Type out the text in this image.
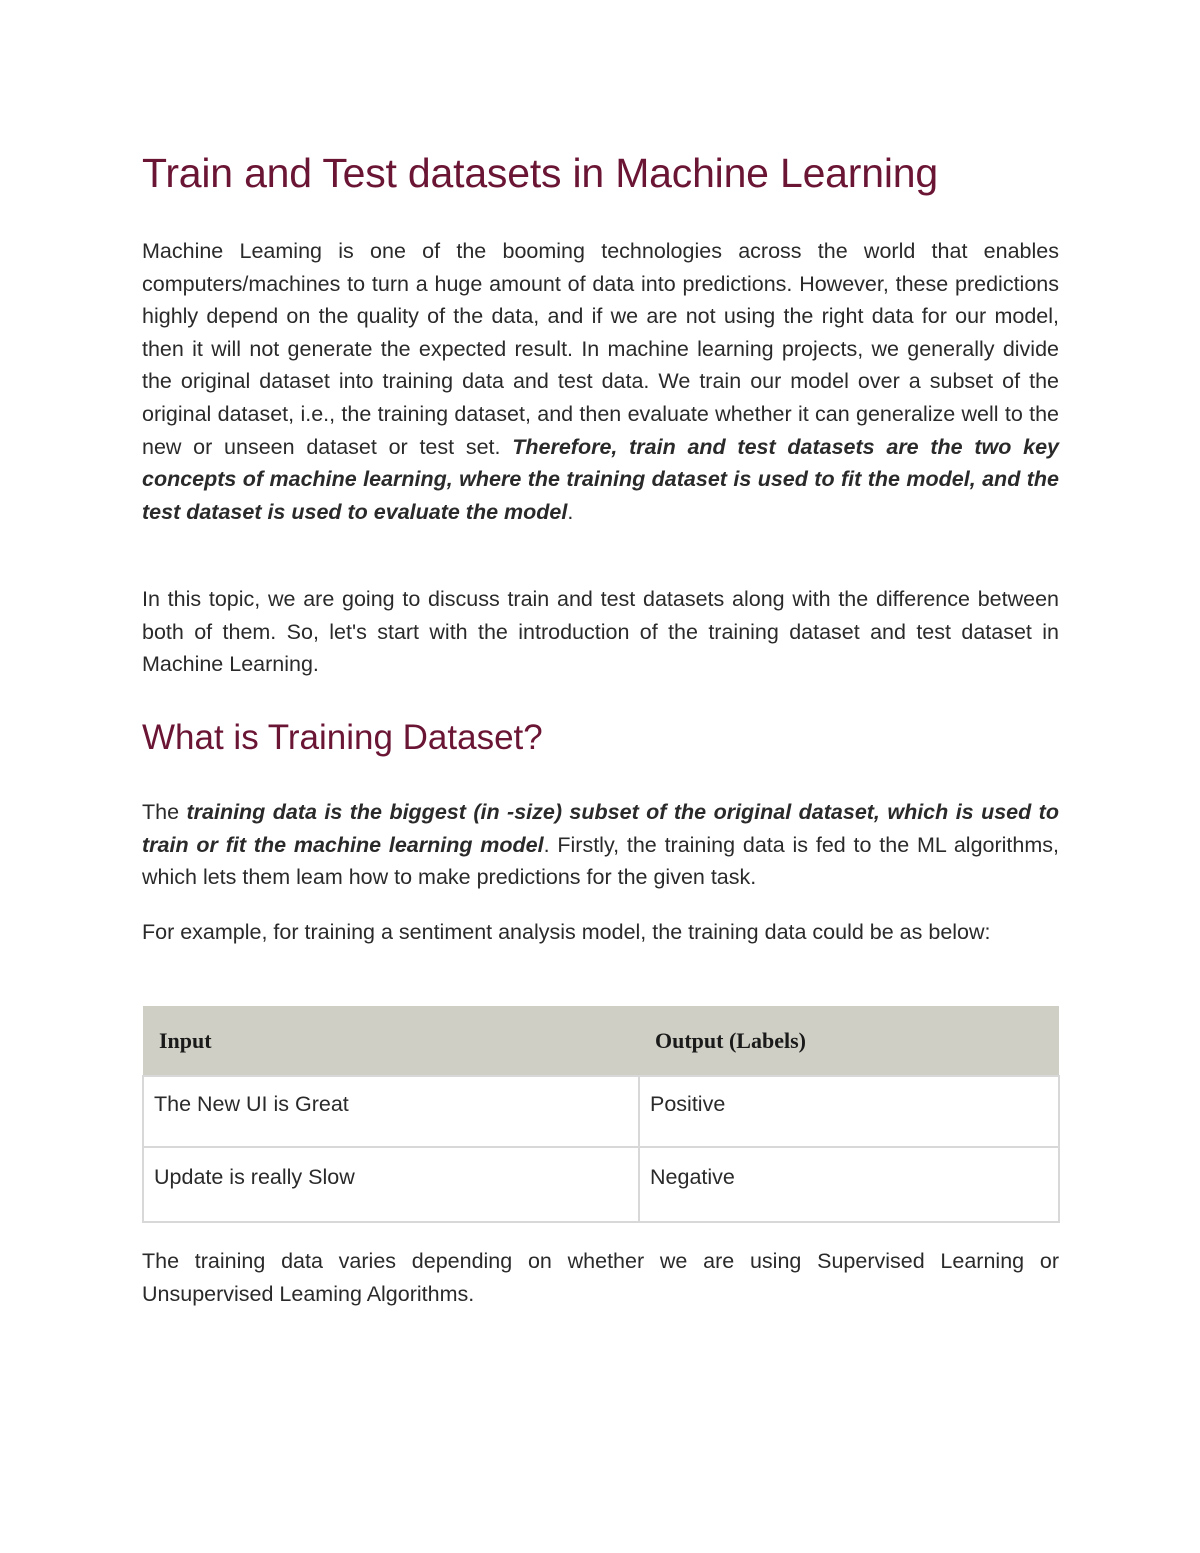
Train and Test datasets in Machine Learning

Machine Leaming is one of the booming technologies across the world that enables computers/machines to turn a huge amount of data into predictions. However, these predictions highly depend on the quality of the data, and if we are not using the right data for our model, then it will not generate the expected result. In machine learning projects, we generally divide the original dataset into training data and test data. We train our model over a subset of the original dataset, i.e., the training dataset, and then evaluate whether it can generalize well to the new or unseen dataset or test set. Therefore, train and test datasets are the two key concepts of machine learning, where the training dataset is used to fit the model, and the test dataset is used to evaluate the model.

In this topic, we are going to discuss train and test datasets along with the difference between both of them. So, let's start with the introduction of the training dataset and test dataset in Machine Learning.

What is Training Dataset?

The training data is the biggest (in -size) subset of the original dataset, which is used to train or fit the machine learning model. Firstly, the training data is fed to the ML algorithms, which lets them leam how to make predictions for the given task.

For example, for training a sentiment analysis model, the training data could be as below:

Input	Output (Labels)
The New UI is Great	Positive
Update is really Slow	Negative

The training data varies depending on whether we are using Supervised Learning or Unsupervised Leaming Algorithms.
